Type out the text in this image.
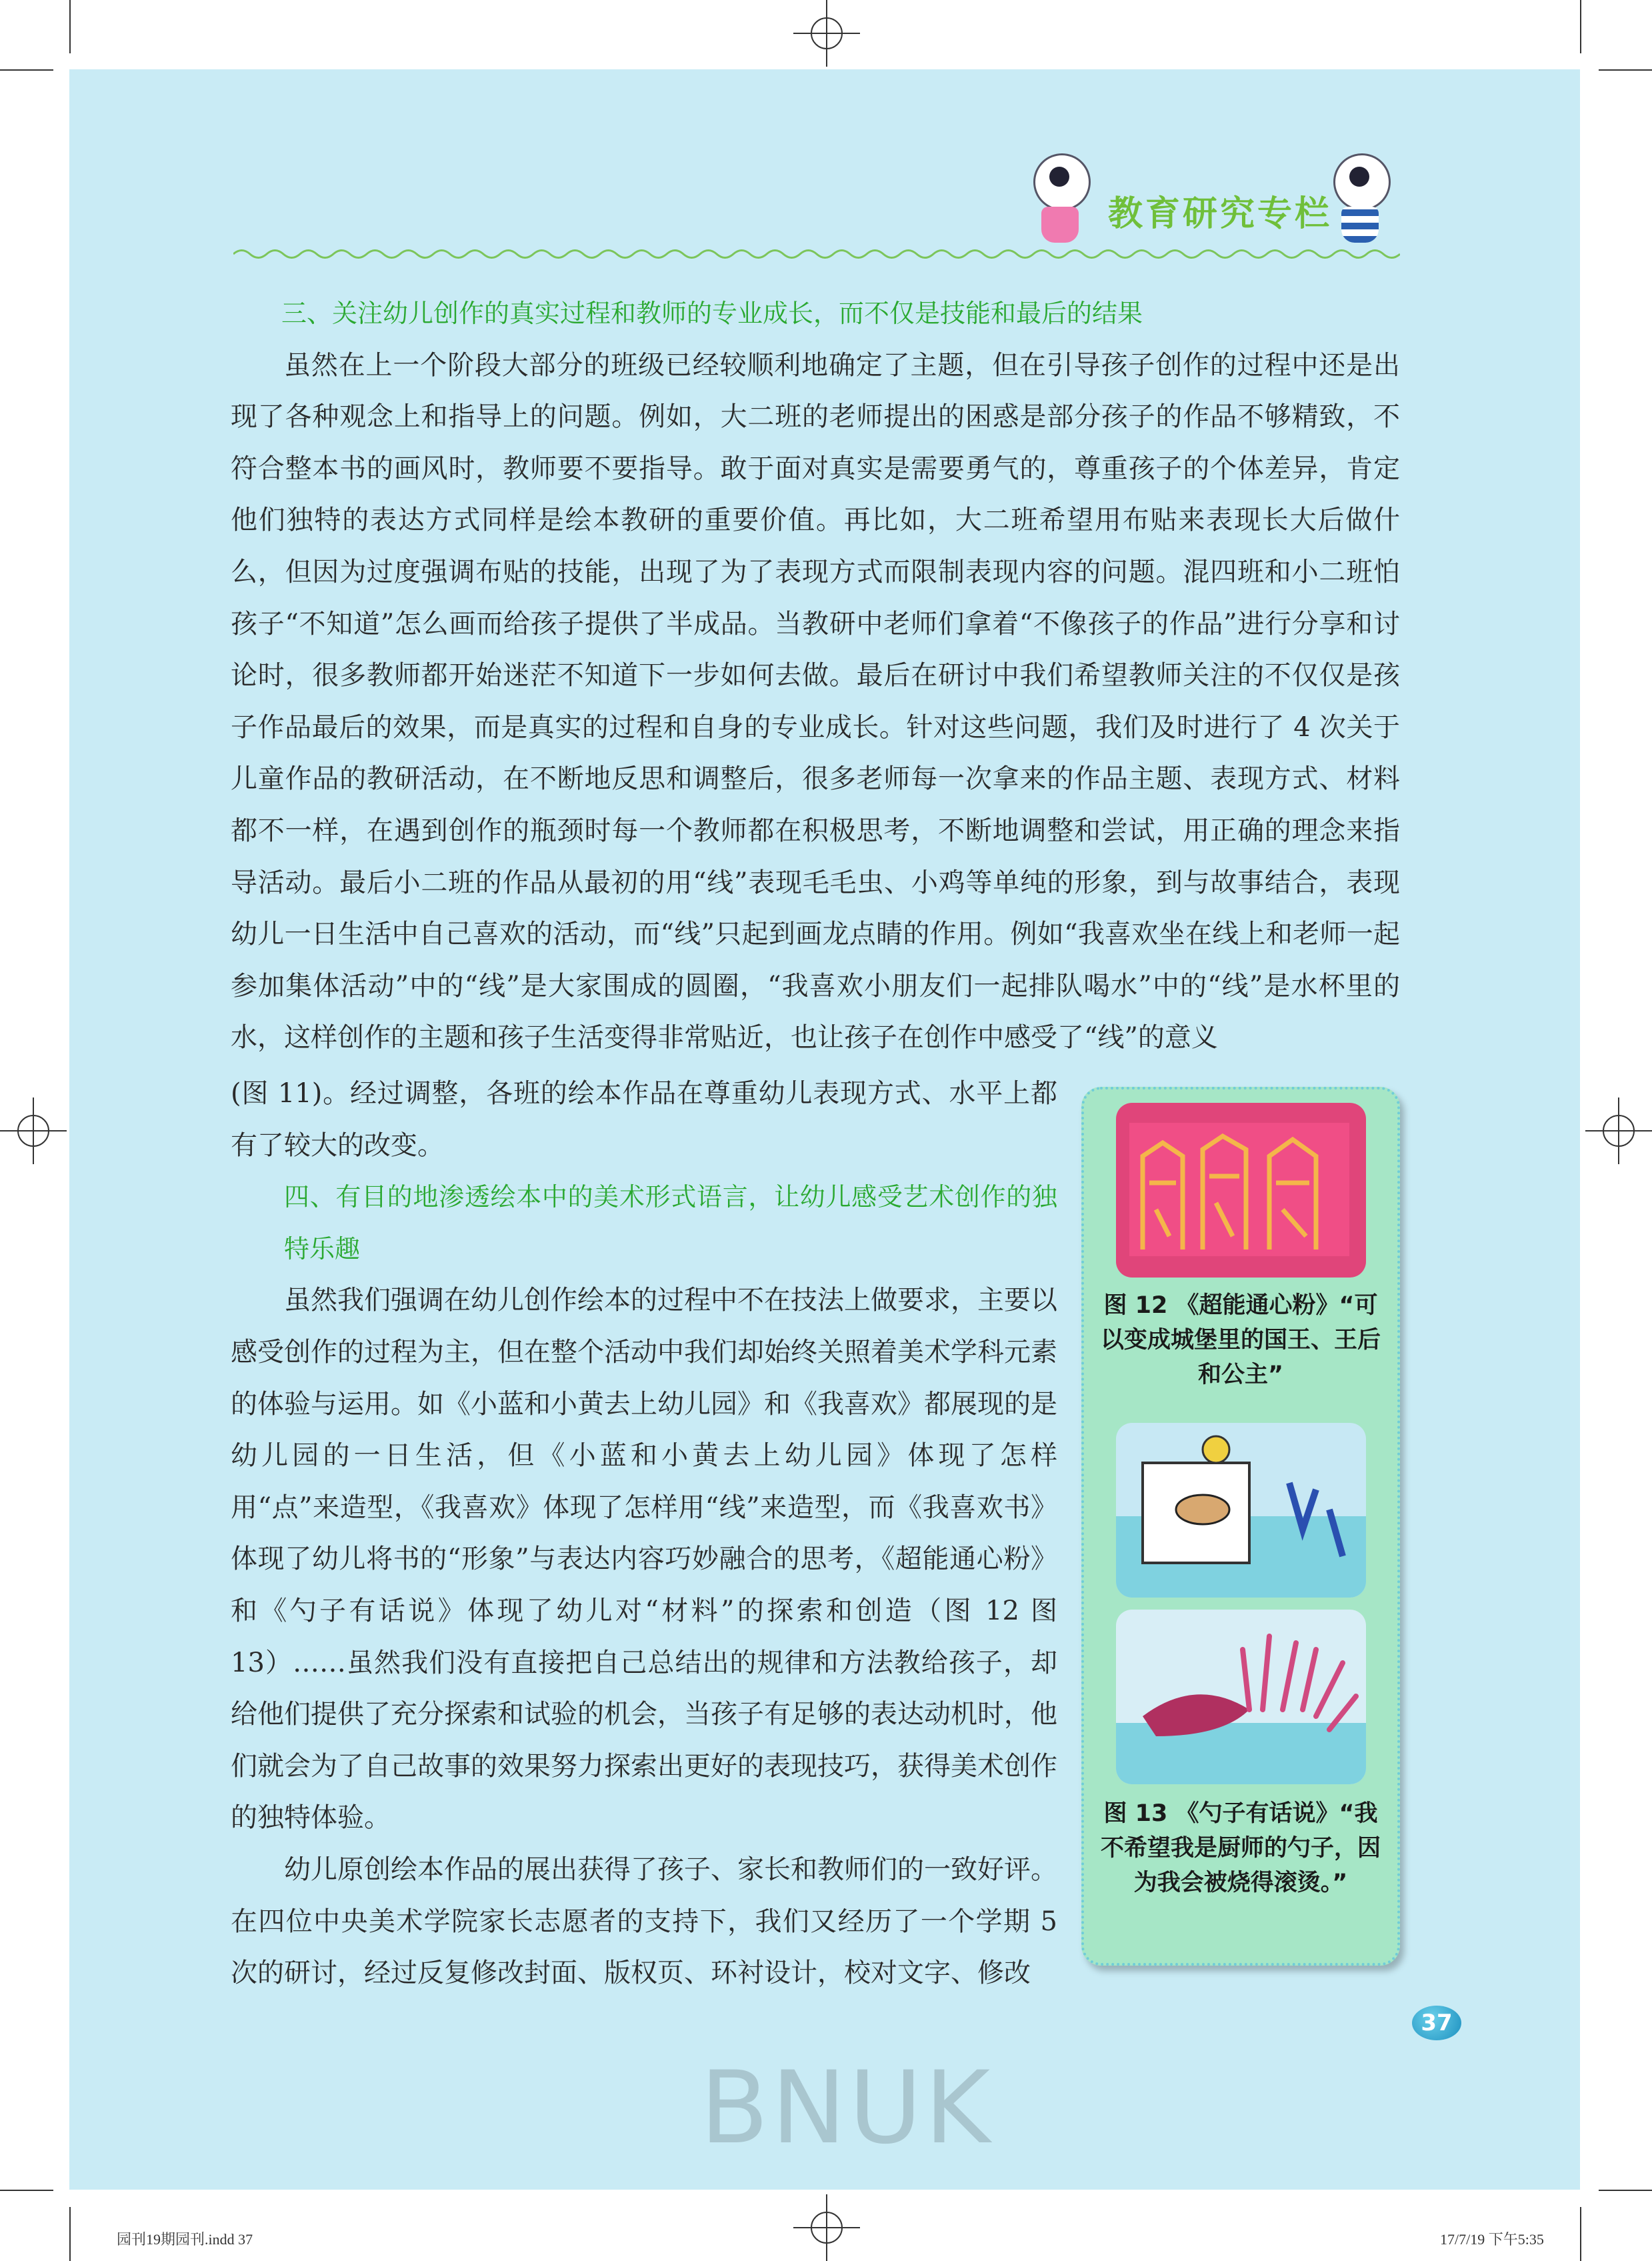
教育研究专栏
三、关注幼儿创作的真实过程和教师的专业成长，而不仅是技能和最后的结果

虽然在上一个阶段大部分的班级已经较顺利地确定了主题，但在引导孩子创作的过程中还是出现了各种观念上和指导上的问题。例如，大二班的老师提出的困惑是部分孩子的作品不够精致，不符合整本书的画风时，教师要不要指导。敢于面对真实是需要勇气的，尊重孩子的个体差异，肯定他们独特的表达方式同样是绘本教研的重要价值。再比如，大二班希望用布贴来表现长大后做什么，但因为过度强调布贴的技能，出现了为了表现方式而限制表现内容的问题。混四班和小二班怕孩子“不知道”怎么画而给孩子提供了半成品。当教研中老师们拿着“不像孩子的作品”进行分享和讨论时，很多教师都开始迷茫不知道下一步如何去做。最后在研讨中我们希望教师关注的不仅仅是孩子作品最后的效果，而是真实的过程和自身的专业成长。针对这些问题，我们及时进行了 4 次关于儿童作品的教研活动，在不断地反思和调整后，很多老师每一次拿来的作品主题、表现方式、材料都不一样，在遇到创作的瓶颈时每一个教师都在积极思考，不断地调整和尝试，用正确的理念来指导活动。最后小二班的作品从最初的用“线”表现毛毛虫、小鸡等单纯的形象，到与故事结合，表现幼儿一日生活中自己喜欢的活动，而“线”只起到画龙点睛的作用。例如“我喜欢坐在线上和老师一起参加集体活动”中的“线”是大家围成的圆圈，“我喜欢小朋友们一起排队喝水”中的“线”是水杯里的水，这样创作的主题和孩子生活变得非常贴近，也让孩子在创作中感受了“线”的意义

(图 11)。经过调整，各班的绘本作品在尊重幼儿表现方式、水平上都有了较大的改变。

四、有目的地渗透绘本中的美术形式语言，让幼儿感受艺术创作的独特乐趣

虽然我们强调在幼儿创作绘本的过程中不在技法上做要求，主要以感受创作的过程为主，但在整个活动中我们却始终关照着美术学科元素的体验与运用。如《小蓝和小黄去上幼儿园》和《我喜欢》都展现的是幼儿园的一日生活，但《小蓝和小黄去上幼儿园》体现了怎样用“点”来造型，《我喜欢》体现了怎样用“线”来造型，而《我喜欢书》体现了幼儿将书的“形象”与表达内容巧妙融合的思考，《超能通心粉》和《勺子有话说》体现了幼儿对“材料”的探索和创造（图 12 图 13）……虽然我们没有直接把自己总结出的规律和方法教给孩子，却给他们提供了充分探索和试验的机会，当孩子有足够的表达动机时，他们就会为了自己故事的效果努力探索出更好的表现技巧，获得美术创作的独特体验。

幼儿原创绘本作品的展出获得了孩子、家长和教师们的一致好评。在四位中央美术学院家长志愿者的支持下，我们又经历了一个学期 5 次的研讨，经过反复修改封面、版权页、环衬设计，校对文字、修改

图 12 《超能通心粉》“可以变成城堡里的国王、王后和公主”
图 13 《勺子有话说》“我不希望我是厨师的勺子，因为我会被烧得滚烫。”
37
BNUK
园刊19期园刊.indd 37	17/7/19 下午5:35
